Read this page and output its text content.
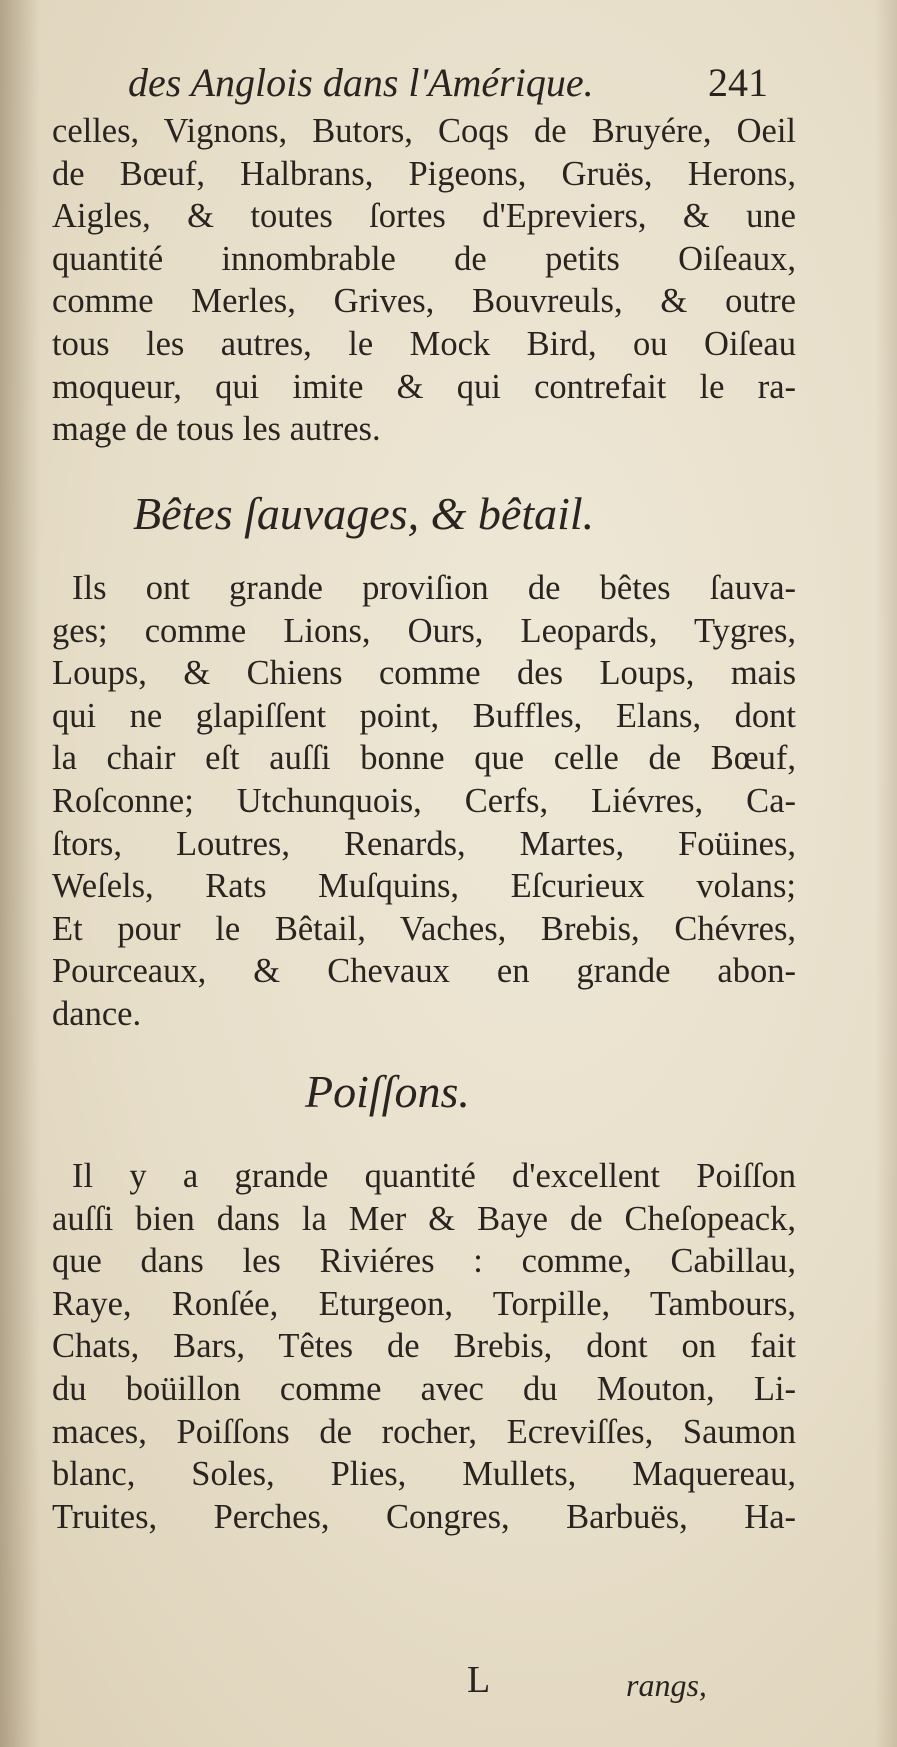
des Anglois dans l'Amérique.	241
celles, Vignons, Butors, Coqs de Bruyére, Oeil
de Bœuf, Halbrans, Pigeons, Gruës, Herons,
Aigles, & toutes ſortes d'Epreviers, & une
quantité innombrable de petits Oiſeaux,
comme Merles, Grives, Bouvreuls, & outre
tous les autres, le Mock Bird, ou Oiſeau
moqueur, qui imite & qui contrefait le ra-
mage de tous les autres.
Bêtes ſauvages, & bêtail.
Ils ont grande proviſion de bêtes ſauva-
ges; comme Lions, Ours, Leopards, Tygres,
Loups, & Chiens comme des Loups, mais
qui ne glapiſſent point, Buffles, Elans, dont
la chair eſt auſſi bonne que celle de Bœuf,
Roſconne; Utchunquois, Cerfs, Liévres, Ca-
ſtors, Loutres, Renards, Martes, Foüines,
Weſels, Rats Muſquins, Eſcurieux volans;
Et pour le Bêtail, Vaches, Brebis, Chévres,
Pourceaux, & Chevaux en grande abon-
dance.
Poiſſons.
Il y a grande quantité d'excellent Poiſſon
auſſi bien dans la Mer & Baye de Cheſopeack,
que dans les Riviéres : comme, Cabillau,
Raye, Ronſée, Eturgeon, Torpille, Tambours,
Chats, Bars, Têtes de Brebis, dont on fait
du boüillon comme avec du Mouton, Li-
maces, Poiſſons de rocher, Ecreviſſes, Saumon
blanc, Soles, Plies, Mullets, Maquereau,
Truites, Perches, Congres, Barbuës, Ha-
L	rangs,
